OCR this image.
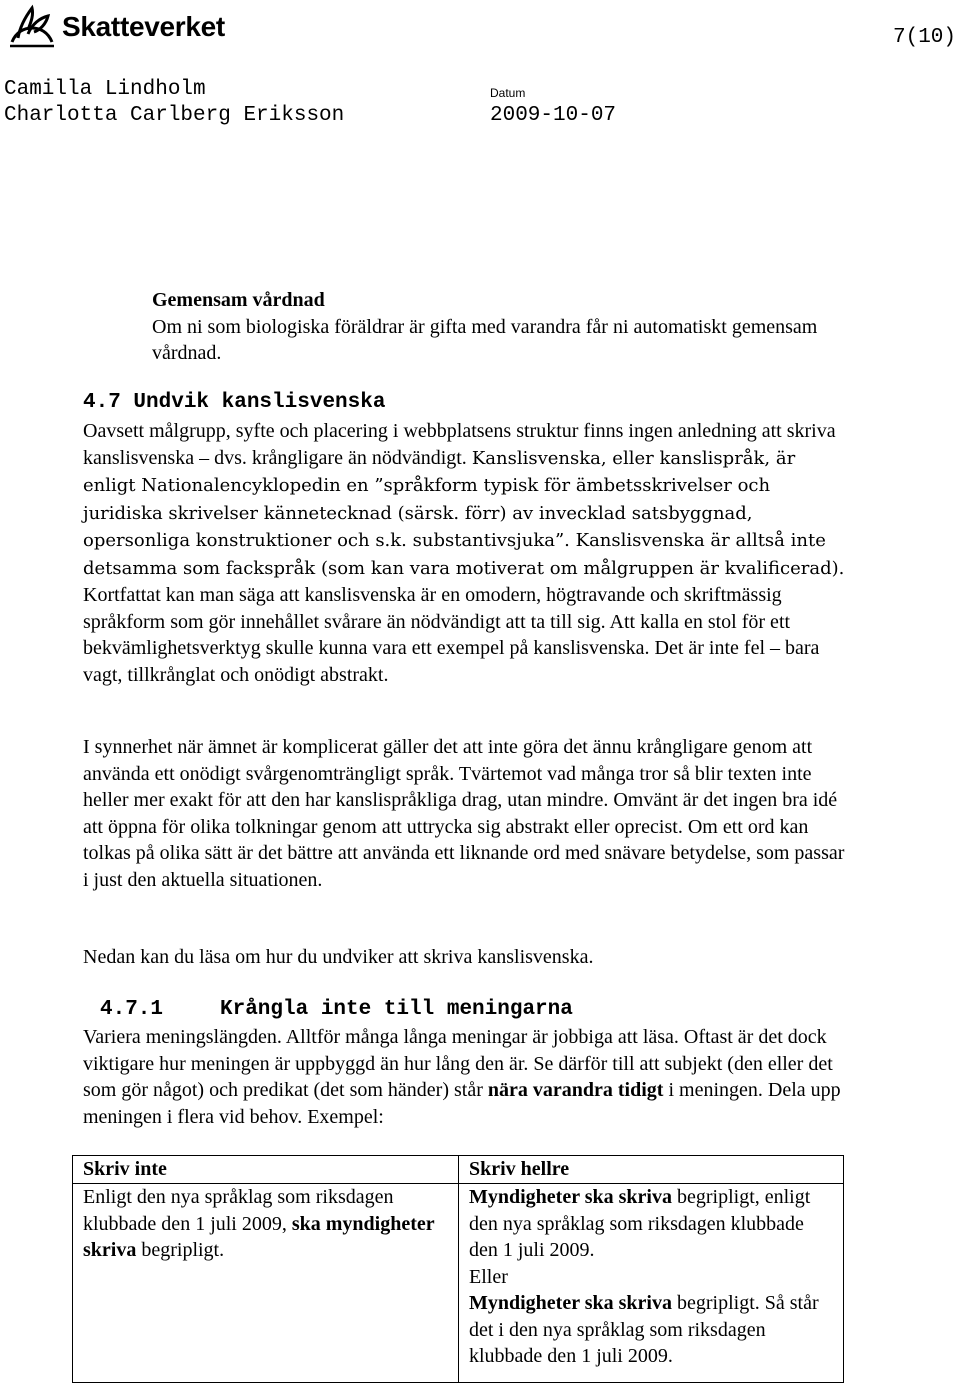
Skatteverket	7(10)
Camilla Lindholm
Charlotta Carlberg Eriksson
Datum
2009-10-07
Gemensam vårdnad
Om ni som biologiska föräldrar är gifta med varandra får ni automatiskt gemensam vårdnad.
4.7 Undvik kanslisvenska

Oavsett målgrupp, syfte och placering i webbplatsens struktur finns ingen anledning att skriva kanslisvenska – dvs. krångligare än nödvändigt. Kanslisvenska, eller kanslispråk, är enligt Nationalencyklopedin en ”språkform typisk för ämbetsskrivelser och juridiska skrivelser kännetecknad (särsk. förr) av invecklad satsbyggnad, opersonliga konstruktioner och s.k. substantivsjuka”. Kanslisvenska är alltså inte detsamma som fackspråk (som kan vara motiverat om målgruppen är kvalificerad). Kortfattat kan man säga att kanslisvenska är en omodern, högtravande och skriftmässig språkform som gör innehållet svårare än nödvändigt att ta till sig. Att kalla en stol för ett bekvämlighetsverktyg skulle kunna vara ett exempel på kanslisvenska. Det är inte fel – bara vagt, tillkrånglat och onödigt abstrakt.

I synnerhet när ämnet är komplicerat gäller det att inte göra det ännu krångligare genom att använda ett onödigt svårgenomträngligt språk. Tvärtemot vad många tror så blir texten inte heller mer exakt för att den har kanslispråkliga drag, utan mindre. Omvänt är det ingen bra idé att öppna för olika tolkningar genom att uttrycka sig abstrakt eller oprecist. Om ett ord kan tolkas på olika sätt är det bättre att använda ett liknande ord med snävare betydelse, som passar i just den aktuella situationen.

Nedan kan du läsa om hur du undviker att skriva kanslisvenska.

4.7.1	Krångla inte till meningarna

Variera meningslängden. Alltför många långa meningar är jobbiga att läsa. Oftast är det dock viktigare hur meningen är uppbyggd än hur lång den är. Se därför till att subjekt (den eller det som gör något) och predikat (det som händer) står nära varandra tidigt i meningen. Dela upp meningen i flera vid behov. Exempel:

Skriv inte	Skriv hellre
Enligt den nya språklag som riksdagen klubbade den 1 juli 2009, ska myndigheter skriva begripligt.	Myndigheter ska skriva begripligt, enligt den nya språklag som riksdagen klubbade den 1 juli 2009.
Eller
Myndigheter ska skriva begripligt. Så står det i den nya språklag som riksdagen klubbade den 1 juli 2009.
